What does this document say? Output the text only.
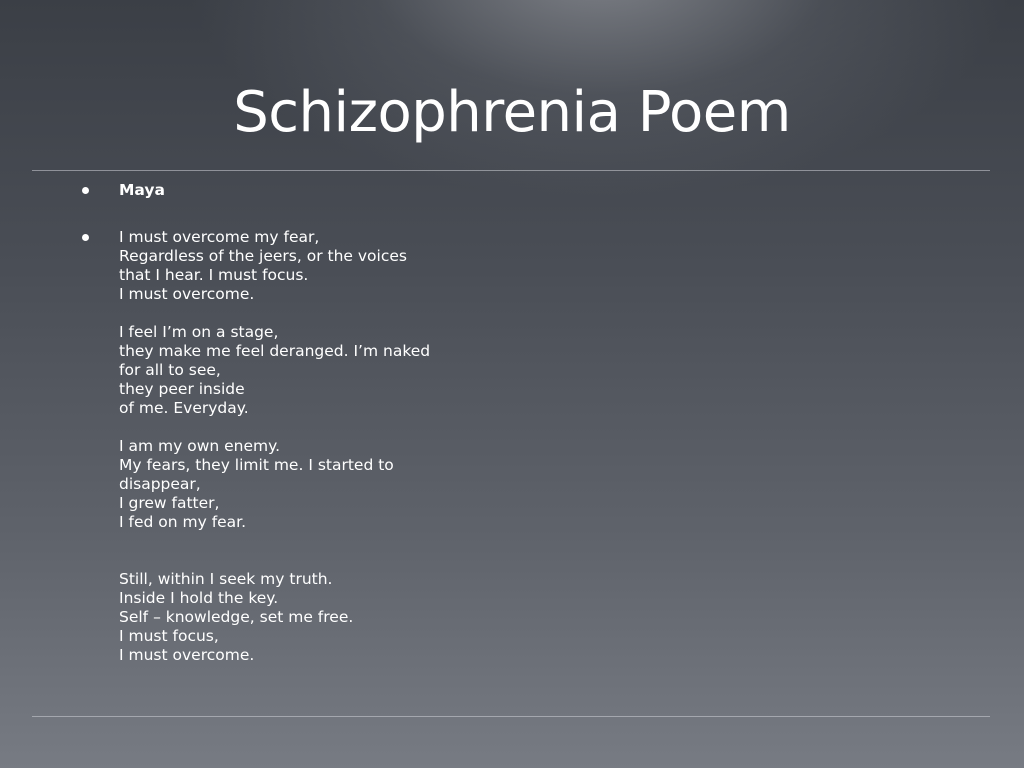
Schizophrenia Poem
Maya
I must overcome my fear,
Regardless of the jeers, or the voices
that I hear. I must focus.
I must overcome.
I feel I’m on a stage,
they make me feel deranged. I’m naked
for all to see,
they peer inside
of me. Everyday.
I am my own enemy.
My fears, they limit me. I started to
disappear,
I grew fatter,
I fed on my fear.
Still, within I seek my truth.
Inside I hold the key.
Self – knowledge, set me free.
I must focus,
I must overcome.
